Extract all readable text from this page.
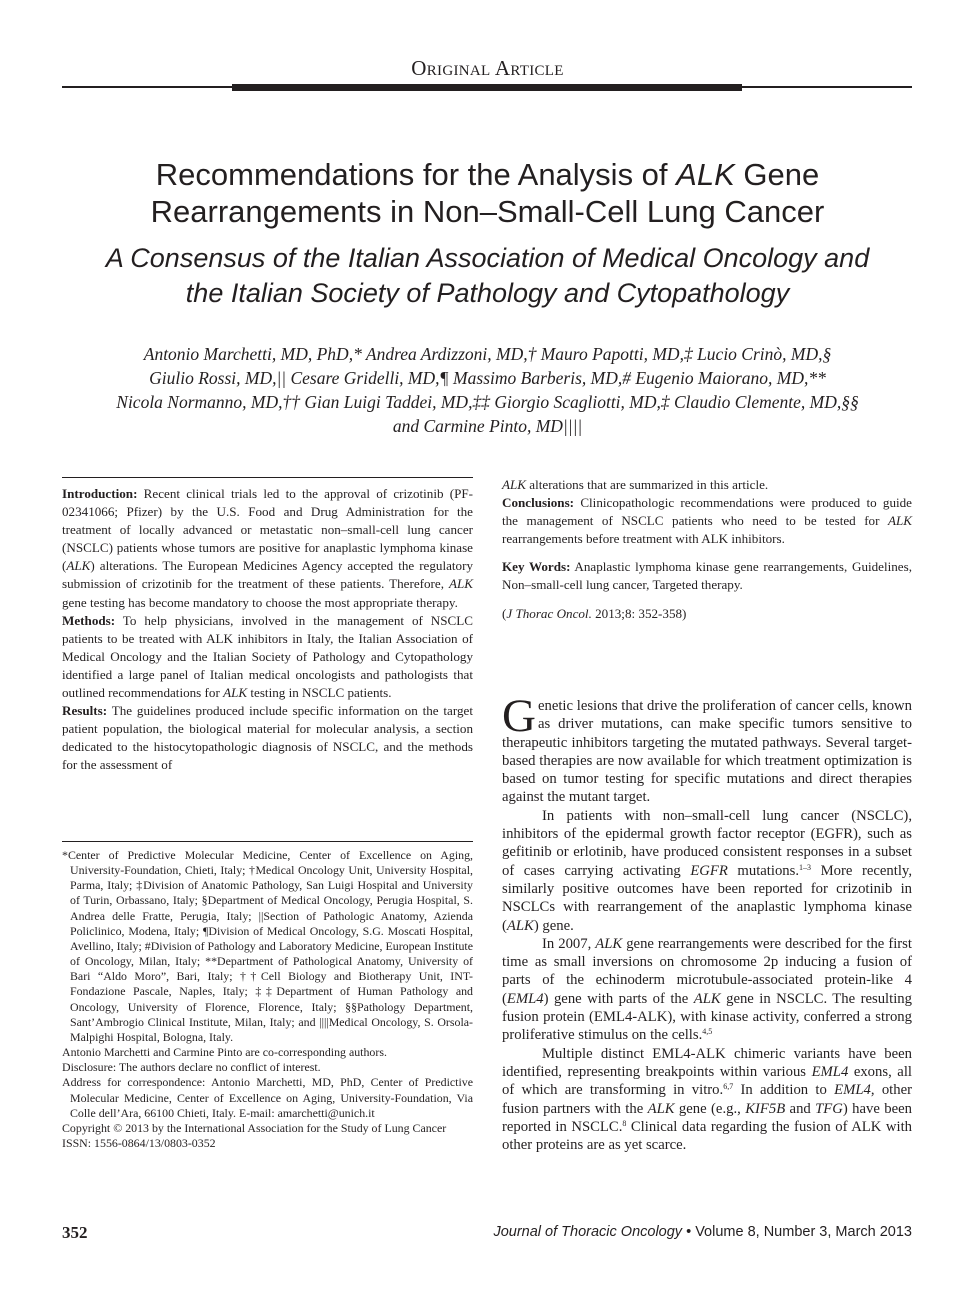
Original Article
Recommendations for the Analysis of ALK Gene
Rearrangements in Non–Small-Cell Lung Cancer
A Consensus of the Italian Association of Medical Oncology and
the Italian Society of Pathology and Cytopathology
Antonio Marchetti, MD, PhD,* Andrea Ardizzoni, MD,† Mauro Papotti, MD,‡ Lucio Crinò, MD,§
Giulio Rossi, MD,|| Cesare Gridelli, MD,¶ Massimo Barberis, MD,# Eugenio Maiorano, MD,**
Nicola Normanno, MD,†† Gian Luigi Taddei, MD,‡‡ Giorgio Scagliotti, MD,‡ Claudio Clemente, MD,§§
and Carmine Pinto, MD||||

Introduction: Recent clinical trials led to the approval of crizotinib (PF-02341066; Pfizer) by the U.S. Food and Drug Administration for the treatment of locally advanced or metastatic non–small-cell lung cancer (NSCLC) patients whose tumors are positive for anaplastic lymphoma kinase (ALK) alterations. The European Medicines Agency accepted the regulatory submission of crizotinib for the treatment of these patients. Therefore, ALK gene testing has become mandatory to choose the most appropriate therapy.

Methods: To help physicians, involved in the management of NSCLC patients to be treated with ALK inhibitors in Italy, the Italian Association of Medical Oncology and the Italian Society of Pathology and Cytopathology identified a large panel of Italian medical oncologists and pathologists that outlined recommendations for ALK testing in NSCLC patients.

Results: The guidelines produced include specific information on the target patient population, the biological material for molecular analysis, a section dedicated to the histocytopathologic diagnosis of NSCLC, and the methods for the assessment of

ALK alterations that are summarized in this article.

Conclusions: Clinicopathologic recommendations were produced to guide the management of NSCLC patients who need to be tested for ALK rearrangements before treatment with ALK inhibitors.

Key Words: Anaplastic lymphoma kinase gene rearrangements, Guidelines, Non–small-cell lung cancer, Targeted therapy.

(J Thorac Oncol. 2013;8: 352-358)

*Center of Predictive Molecular Medicine, Center of Excellence on Aging, University-Foundation, Chieti, Italy; †Medical Oncology Unit, University Hospital, Parma, Italy; ‡Division of Anatomic Pathology, San Luigi Hospital and University of Turin, Orbassano, Italy; §Department of Medical Oncology, Perugia Hospital, S. Andrea delle Fratte, Perugia, Italy; ||Section of Pathologic Anatomy, Azienda Policlinico, Modena, Italy; ¶Division of Medical Oncology, S.G. Moscati Hospital, Avellino, Italy; #Division of Pathology and Laboratory Medicine, European Institute of Oncology, Milan, Italy; **Department of Pathological Anatomy, University of Bari “Aldo Moro”, Bari, Italy; ††Cell Biology and Biotherapy Unit, INT-Fondazione Pascale, Naples, Italy; ‡‡Department of Human Pathology and Oncology, University of Florence, Florence, Italy; §§Pathology Department, Sant’Ambrogio Clinical Institute, Milan, Italy; and ||||Medical Oncology, S. Orsola-Malpighi Hospital, Bologna, Italy.

Antonio Marchetti and Carmine Pinto are co-corresponding authors.

Disclosure: The authors declare no conflict of interest.

Address for correspondence: Antonio Marchetti, MD, PhD, Center of Predictive Molecular Medicine, Center of Excellence on Aging, University-Foundation, Via Colle dell’Ara, 66100 Chieti, Italy. E-mail: amarchetti@unich.it

Copyright © 2013 by the International Association for the Study of Lung Cancer

ISSN: 1556-0864/13/0803-0352

Genetic lesions that drive the proliferation of cancer cells, known as driver mutations, can make specific tumors sensitive to therapeutic inhibitors targeting the mutated pathways. Several target-based therapies are now available for which treatment optimization is based on tumor testing for specific mutations and direct therapies against the mutant target.

In patients with non–small-cell lung cancer (NSCLC), inhibitors of the epidermal growth factor receptor (EGFR), such as gefitinib or erlotinib, have produced consistent responses in a subset of cases carrying activating EGFR mutations.$^{1-3}$ More recently, similarly positive outcomes have been reported for crizotinib in NSCLCs with rearrangement of the anaplastic lymphoma kinase (ALK) gene.

In 2007, ALK gene rearrangements were described for the first time as small inversions on chromosome 2p inducing a fusion of parts of the echinoderm microtubule-associated protein-like 4 (EML4) gene with parts of the ALK gene in NSCLC. The resulting fusion protein (EML4-ALK), with kinase activity, conferred a strong proliferative stimulus on the cells.$^{4,5}$

Multiple distinct EML4-ALK chimeric variants have been identified, representing breakpoints within various EML4 exons, all of which are transforming in vitro.$^{6,7}$ In addition to EML4, other fusion partners with the ALK gene (e.g., KIF5B and TFG) have been reported in NSCLC.$^8$ Clinical data regarding the fusion of ALK with other proteins are as yet scarce.

352	Journal of Thoracic Oncology • Volume 8, Number 3, March 2013
